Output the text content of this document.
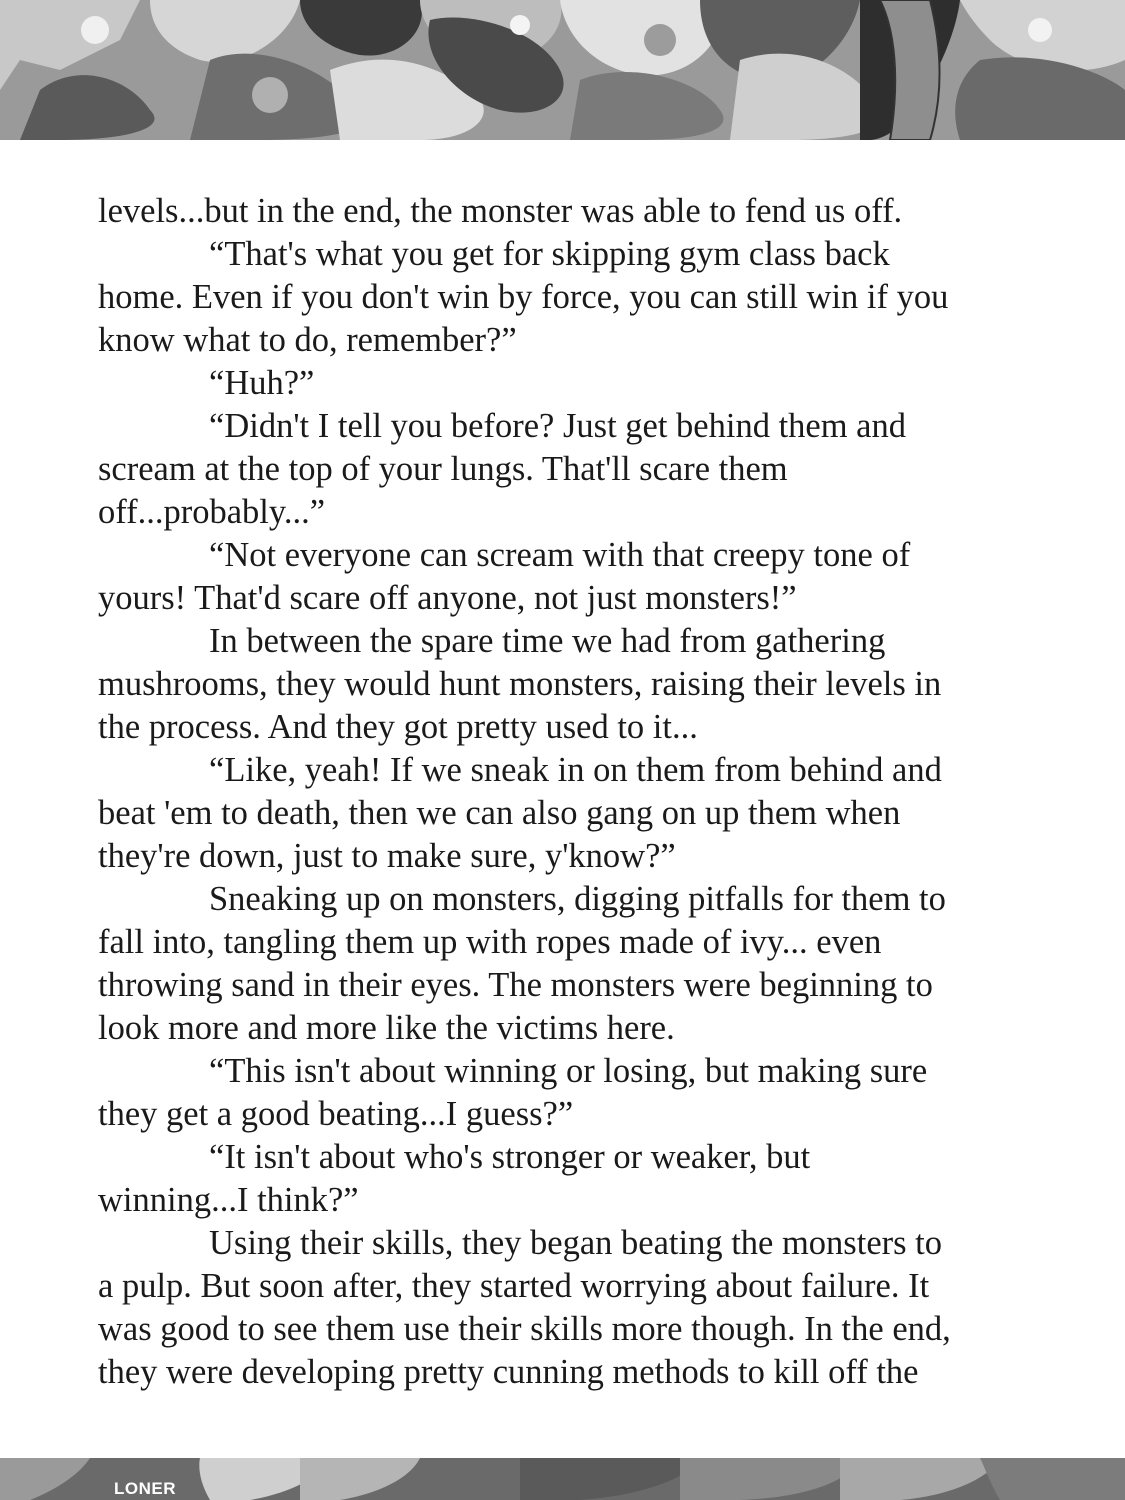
levels...but in the end, the monster was able to fend us off.
“That's what you get for skipping gym class back
home. Even if you don't win by force, you can still win if you
know what to do, remember?”
“Huh?”
“Didn't I tell you before? Just get behind them and
scream at the top of your lungs. That'll scare them
off...probably...”
“Not everyone can scream with that creepy tone of
yours! That'd scare off anyone, not just monsters!”
In between the spare time we had from gathering
mushrooms, they would hunt monsters, raising their levels in
the process. And they got pretty used to it...
“Like, yeah! If we sneak in on them from behind and
beat 'em to death, then we can also gang on up them when
they're down, just to make sure, y'know?”
Sneaking up on monsters, digging pitfalls for them to
fall into, tangling them up with ropes made of ivy... even
throwing sand in their eyes. The monsters were beginning to
look more and more like the victims here.
“This isn't about winning or losing, but making sure
they get a good beating...I guess?”
“It isn't about who's stronger or weaker, but
winning...I think?”
Using their skills, they began beating the monsters to
a pulp. But soon after, they started worrying about failure. It
was good to see them use their skills more though. In the end,
they were developing pretty cunning methods to kill off the
LONER
